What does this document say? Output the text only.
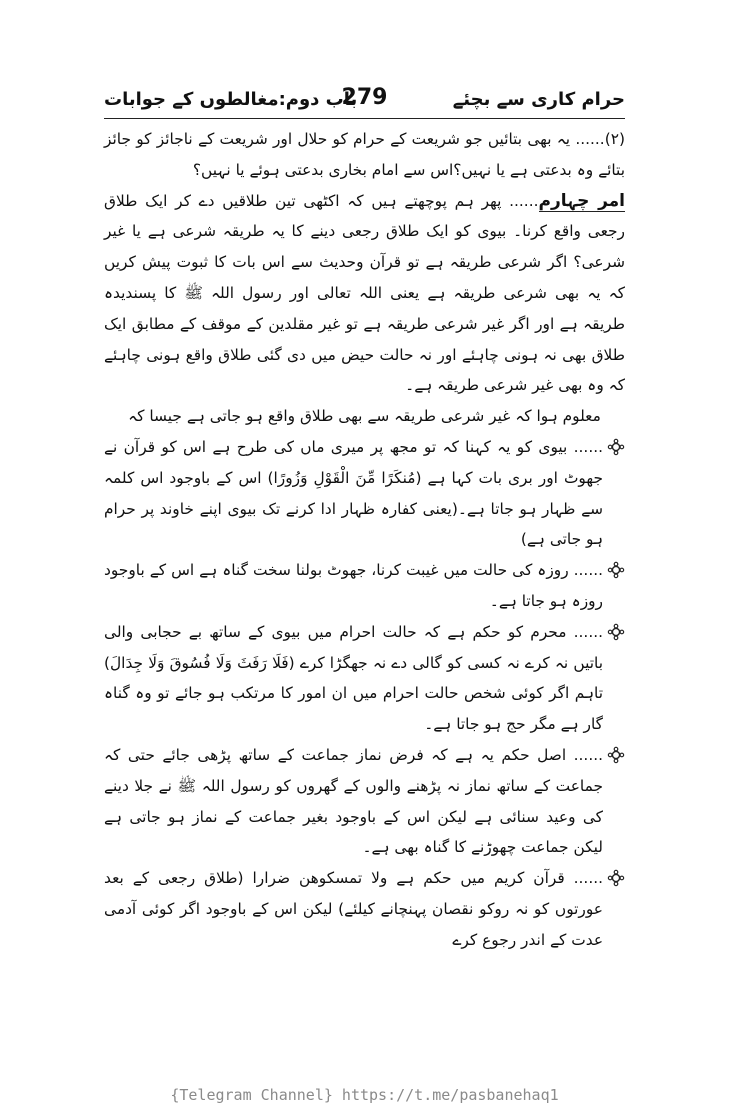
حرام کاری سے بچئے
279
باب دوم:مغالطوں کے جوابات

(۲)...... یہ بھی بتائیں جو شریعت کے حرام کو حلال اور شریعت کے ناجائز کو جائز بتائے وہ بدعتی ہے یا نہیں؟اس سے امام بخاری بدعتی ہوئے یا نہیں؟

امر چہارم...... پھر ہم پوچھتے ہیں کہ اکٹھی تین طلاقیں دے کر ایک طلاق رجعی واقع کرنا۔ بیوی کو ایک طلاق رجعی دینے کا یہ طریقہ شرعی ہے یا غیر شرعی؟ اگر شرعی طریقہ ہے تو قرآن وحدیث سے اس بات کا ثبوت پیش کریں کہ یہ بھی شرعی طریقہ ہے یعنی اللہ تعالی اور رسول اللہ ﷺ کا پسندیدہ طریقہ ہے اور اگر غیر شرعی طریقہ ہے تو غیر مقلدین کے موقف کے مطابق ایک طلاق بھی نہ ہونی چاہئے اور نہ حالت حیض میں دی گئی طلاق واقع ہونی چاہئے کہ وہ بھی غیر شرعی طریقہ ہے۔

معلوم ہوا کہ غیر شرعی طریقہ سے بھی طلاق واقع ہو جاتی ہے جیسا کہ

...... بیوی کو یہ کہنا کہ تو مجھ پر میری ماں کی طرح ہے اس کو قرآن نے جھوٹ اور بری بات کہا ہے (مُنكَرًا مِّنَ الْقَوْلِ وَزُورًا) اس کے باوجود اس کلمہ سے ظہار ہو جاتا ہے۔(یعنی کفارہ ظہار ادا کرنے تک بیوی اپنے خاوند پر حرام ہو جاتی ہے)

...... روزہ کی حالت میں غیبت کرنا، جھوٹ بولنا سخت گناہ ہے اس کے باوجود روزہ ہو جاتا ہے۔

...... محرم کو حکم ہے کہ حالت احرام میں بیوی کے ساتھ بے حجابی والی باتیں نہ کرے نہ کسی کو گالی دے نہ جھگڑا کرے (فَلَا رَفَثَ وَلَا فُسُوقَ وَلَا جِدَالَ) تاہم اگر کوئی شخص حالت احرام میں ان امور کا مرتکب ہو جائے تو وہ گناہ گار ہے مگر حج ہو جاتا ہے۔

...... اصل حکم یہ ہے کہ فرض نماز جماعت کے ساتھ پڑھی جائے حتی کہ جماعت کے ساتھ نماز نہ پڑھنے والوں کے گھروں کو رسول اللہ ﷺ نے جلا دینے کی وعید سنائی ہے لیکن اس کے باوجود بغیر جماعت کے نماز ہو جاتی ہے لیکن جماعت چھوڑنے کا گناہ بھی ہے۔

...... قرآن کریم میں حکم ہے ولا تمسکوھن ضرارا (طلاق رجعی کے بعد عورتوں کو نہ روکو نقصان پہنچانے کیلئے) لیکن اس کے باوجود اگر کوئی آدمی عدت کے اندر رجوع کرے

{Telegram Channel} https://t.me/pasbanehaq1
